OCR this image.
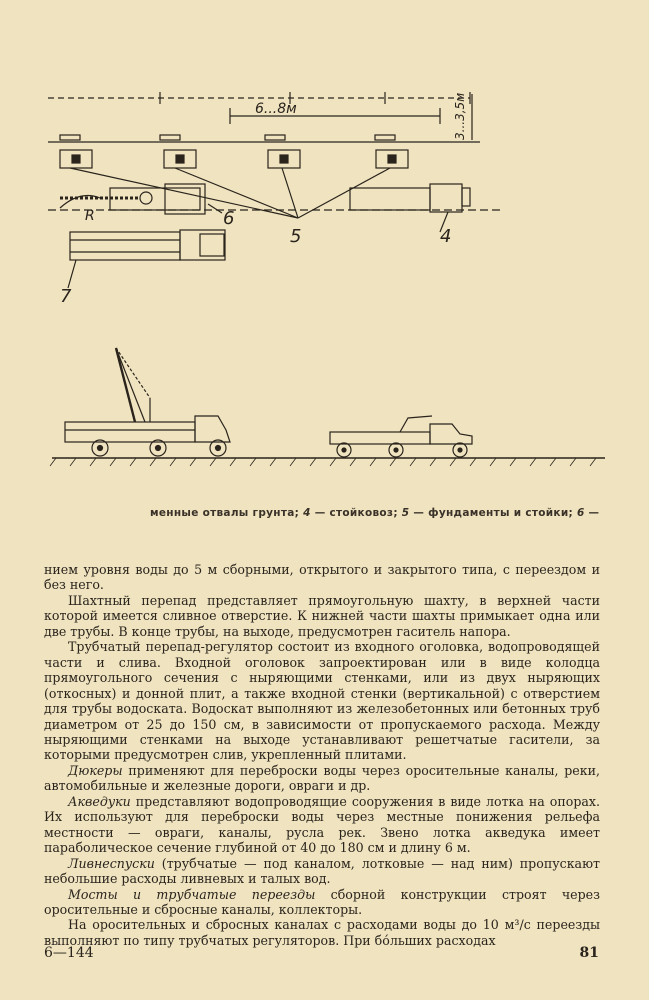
6...8м	3...3,5м
R	6
5	4
7
менные отвалы грунта; 4 — стойковоз; 5 — фундаменты и стойки; 6 —

нием уровня воды до 5 м сборными, открытого и закрытого типа, с переездом и без него.

Шахтный перепад представляет прямоугольную шахту, в верхней части которой имеется сливное отверстие. К нижней части шахты примыкает одна или две трубы. В конце трубы, на выходе, предусмотрен гаситель напора.

Трубчатый перепад-регулятор состоит из входного оголовка, водопроводящей части и слива. Входной оголовок запроектирован или в виде колодца прямоугольного сечения с ныряющими стенками, или из двух ныряющих (откосных) и донной плит, а также входной стенки (вертикальной) с отверстием для трубы водоската. Водоскат выполняют из железобетонных или бетонных труб диаметром от 25 до 150 см, в зависимости от пропускаемого расхода. Между ныряющими стенками на выходе устанавливают решетчатые гасители, за которыми предусмотрен слив, укрепленный плитами.

Дюкеры применяют для переброски воды через оросительные каналы, реки, автомобильные и железные дороги, овраги и др.

Акведуки представляют водопроводящие сооружения в виде лотка на опорах. Их используют для переброски воды через местные понижения рельефа местности — овраги, каналы, русла рек. Звено лотка акведука имеет параболическое сечение глубиной от 40 до 180 см и длину 6 м.

Ливнеспуски (трубчатые — под каналом, лотковые — над ним) пропускают небольшие расходы ливневых и талых вод.

Мосты и трубчатые переезды сборной конструкции строят через оросительные и сбросные каналы, коллекторы.

На оросительных и сбросных каналах с расходами воды до 10 м³/с переезды выполняют по типу трубчатых регуляторов. При бо́льших расходах

6—144	81
